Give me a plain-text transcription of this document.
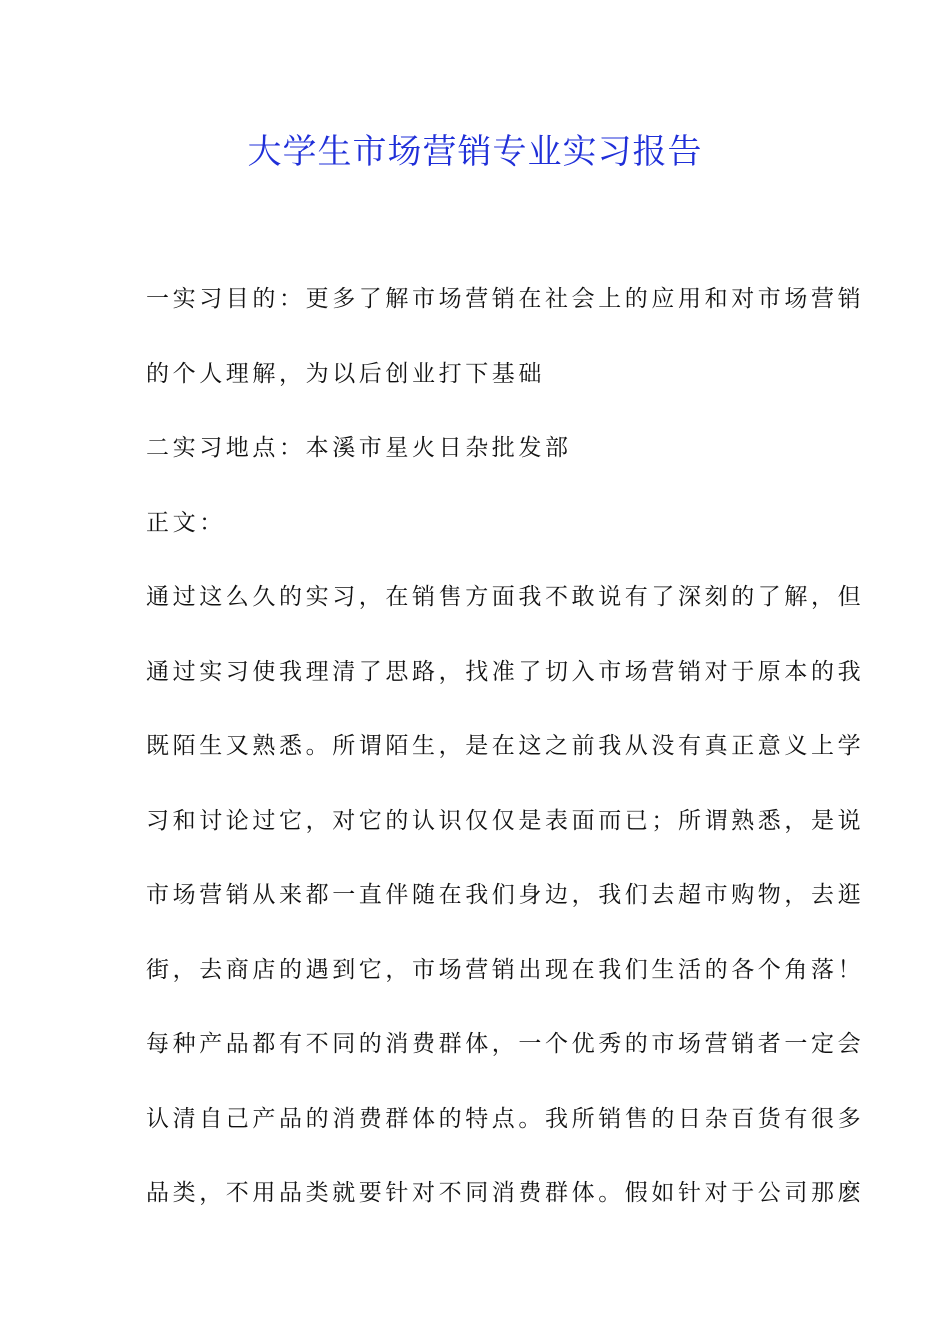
大学生市场营销专业实习报告
一实习目的：更多了解市场营销在社会上的应用和对市场营销
的个人理解，为以后创业打下基础
二实习地点：本溪市星火日杂批发部
正文：
通过这么久的实习，在销售方面我不敢说有了深刻的了解，但
通过实习使我理清了思路，找准了切入市场营销对于原本的我
既陌生又熟悉。所谓陌生，是在这之前我从没有真正意义上学
习和讨论过它，对它的认识仅仅是表面而已；所谓熟悉，是说
市场营销从来都一直伴随在我们身边，我们去超市购物，去逛
街，去商店的遇到它，市场营销出现在我们生活的各个角落！
每种产品都有不同的消费群体，一个优秀的市场营销者一定会
认清自己产品的消费群体的特点。我所销售的日杂百货有很多
品类，不用品类就要针对不同消费群体。假如针对于公司那麽
